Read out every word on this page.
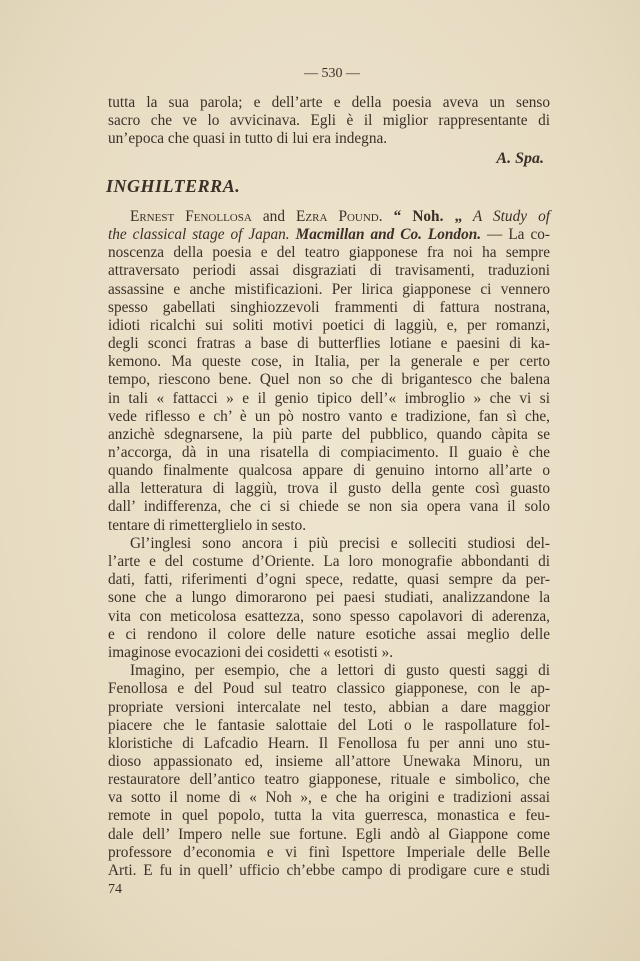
— 530 —
tutta la sua parola; e dell’arte e della poesia aveva un senso
sacro che ve lo avvicinava. Egli è il miglior rappresentante di
un’epoca che quasi in tutto di lui era indegna.
A. Spa.
INGHILTERRA.
Ernest Fenollosa and Ezra Pound. “ Noh. „ A Study of
the classical stage of Japan. Macmillan and Co. London. — La co-
noscenza della poesia e del teatro giapponese fra noi ha sempre
attraversato periodi assai disgraziati di travisamenti, traduzioni
assassine e anche mistificazioni. Per lirica giapponese ci vennero
spesso gabellati singhiozzevoli frammenti di fattura nostrana,
idioti ricalchi sui soliti motivi poetici di laggiù, e, per romanzi,
degli sconci fratras a base di butterflies lotiane e paesini di ka-
kemono. Ma queste cose, in Italia, per la generale e per certo
tempo, riescono bene. Quel non so che di brigantesco che balena
in tali « fattacci » e il genio tipico dell’« imbroglio » che vi si
vede riflesso e ch’ è un pò nostro vanto e tradizione, fan sì che,
anzichè sdegnarsene, la più parte del pubblico, quando càpita se
n’accorga, dà in una risatella di compiacimento. Il guaio è che
quando finalmente qualcosa appare di genuino intorno all’arte o
alla letteratura di laggiù, trova il gusto della gente così guasto
dall’ indifferenza, che ci si chiede se non sia opera vana il solo
tentare di rimetterglielo in sesto.
Gl’inglesi sono ancora i più precisi e solleciti studiosi del-
l’arte e del costume d’Oriente. La loro monografie abbondanti di
dati, fatti, riferimenti d’ogni spece, redatte, quasi sempre da per-
sone che a lungo dimorarono pei paesi studiati, analizzandone la
vita con meticolosa esattezza, sono spesso capolavori di aderenza,
e ci rendono il colore delle nature esotiche assai meglio delle
imaginose evocazioni dei cosidetti « esotisti ».
Imagino, per esempio, che a lettori di gusto questi saggi di
Fenollosa e del Poud sul teatro classico giapponese, con le ap-
propriate versioni intercalate nel testo, abbian a dare maggior
piacere che le fantasie salottaie del Loti o le raspollature fol-
kloristiche di Lafcadio Hearn. Il Fenollosa fu per anni uno stu-
dioso appassionato ed, insieme all’attore Unewaka Minoru, un
restauratore dell’antico teatro giapponese, rituale e simbolico, che
va sotto il nome di « Noh », e che ha origini e tradizioni assai
remote in quel popolo, tutta la vita guerresca, monastica e feu-
dale dell’ Impero nelle sue fortune. Egli andò al Giappone come
professore d’economia e vi finì Ispettore Imperiale delle Belle
Arti. E fu in quell’ ufficio ch’ebbe campo di prodigare cure e studi
74
